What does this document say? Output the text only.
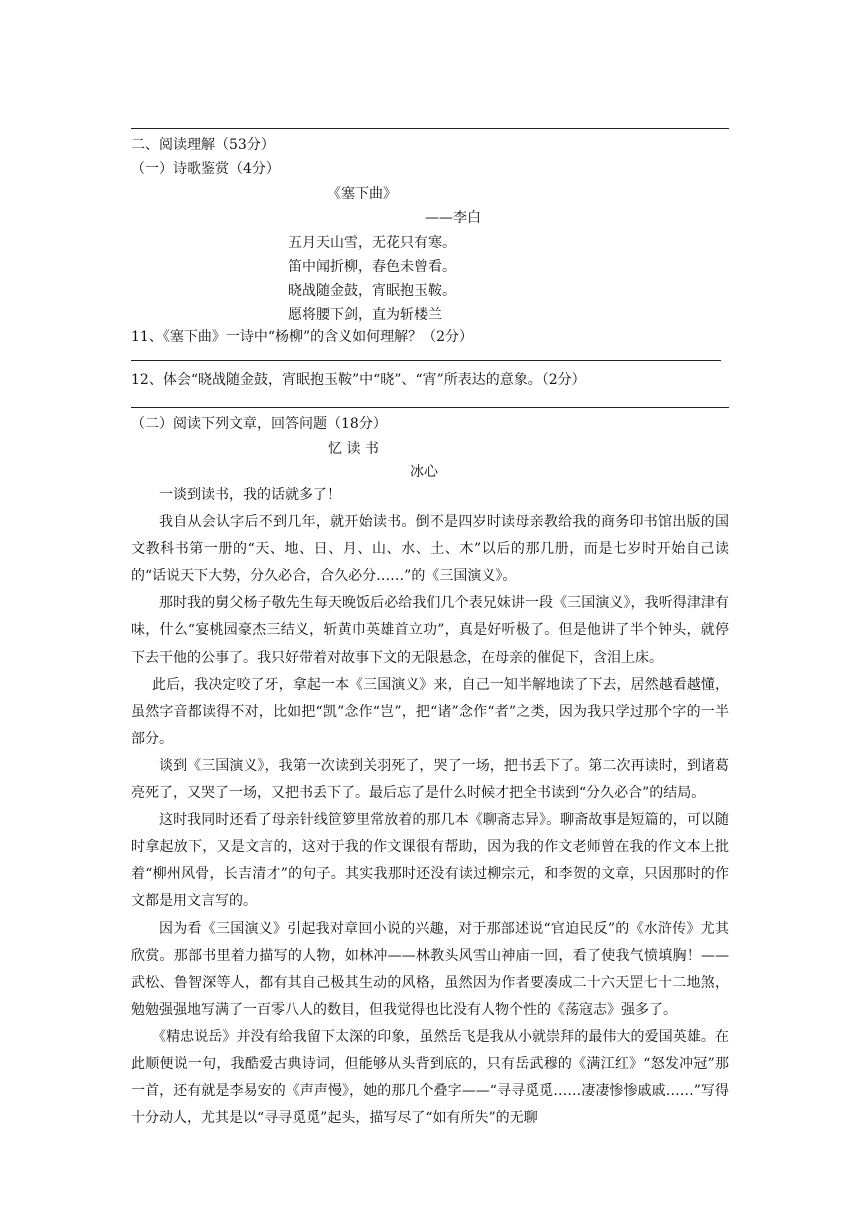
二、阅读理解（53分）
（一）诗歌鉴赏（4分）
《塞下曲》
——李白
五月天山雪，无花只有寒。
笛中闻折柳，春色未曾看。
晓战随金鼓，宵眠抱玉鞍。
愿将腰下剑，直为斩楼兰
11、《塞下曲》一诗中“杨柳”的含义如何理解？（2分）
12、体会“晓战随金鼓，宵眠抱玉鞍”中“晓”、“宵”所表达的意象。（2分）
（二）阅读下列文章，回答问题（18分）
忆 读 书
冰心

一谈到读书，我的话就多了！

我自从会认字后不到几年，就开始读书。倒不是四岁时读母亲教给我的商务印书馆出版的国文教科书第一册的“天、地、日、月、山、水、土、木”以后的那几册，而是七岁时开始自己读的“话说天下大势，分久必合，合久必分……”的《三国演义》。

那时我的舅父杨子敬先生每天晚饭后必给我们几个表兄妹讲一段《三国演义》，我听得津津有味，什么“宴桃园豪杰三结义，斩黄巾英雄首立功”，真是好听极了。但是他讲了半个钟头，就停下去干他的公事了。我只好带着对故事下文的无限悬念，在母亲的催促下，含泪上床。

此后，我决定咬了牙，拿起一本《三国演义》来，自己一知半解地读了下去，居然越看越懂，虽然字音都读得不对，比如把“凯”念作“岂”，把“诸”念作“者”之类，因为我只学过那个字的一半部分。

谈到《三国演义》，我第一次读到关羽死了，哭了一场，把书丢下了。第二次再读时，到诸葛亮死了，又哭了一场，又把书丢下了。最后忘了是什么时候才把全书读到“分久必合”的结局。

这时我同时还看了母亲针线笸箩里常放着的那几本《聊斋志异》。聊斋故事是短篇的，可以随时拿起放下，又是文言的，这对于我的作文课很有帮助，因为我的作文老师曾在我的作文本上批着“柳州风骨，长吉清才”的句子。其实我那时还没有读过柳宗元，和李贺的文章，只因那时的作文都是用文言写的。

因为看《三国演义》引起我对章回小说的兴趣，对于那部述说“官迫民反”的《水浒传》尤其欣赏。那部书里着力描写的人物，如林冲——林教头风雪山神庙一回，看了使我气愤填胸！——武松、鲁智深等人，都有其自己极其生动的风格，虽然因为作者要凑成二十六天罡七十二地煞，勉勉强强地写满了一百零八人的数目，但我觉得也比没有人物个性的《荡寇志》强多了。

《精忠说岳》并没有给我留下太深的印象，虽然岳飞是我从小就崇拜的最伟大的爱国英雄。在此顺便说一句，我酷爱古典诗词，但能够从头背到底的，只有岳武穆的《满江红》“怒发冲冠”那一首，还有就是李易安的《声声慢》，她的那几个叠字——“寻寻觅觅……凄凄惨惨戚戚……”写得十分动人，尤其是以“寻寻觅觅”起头，描写尽了“如有所失”的无聊
